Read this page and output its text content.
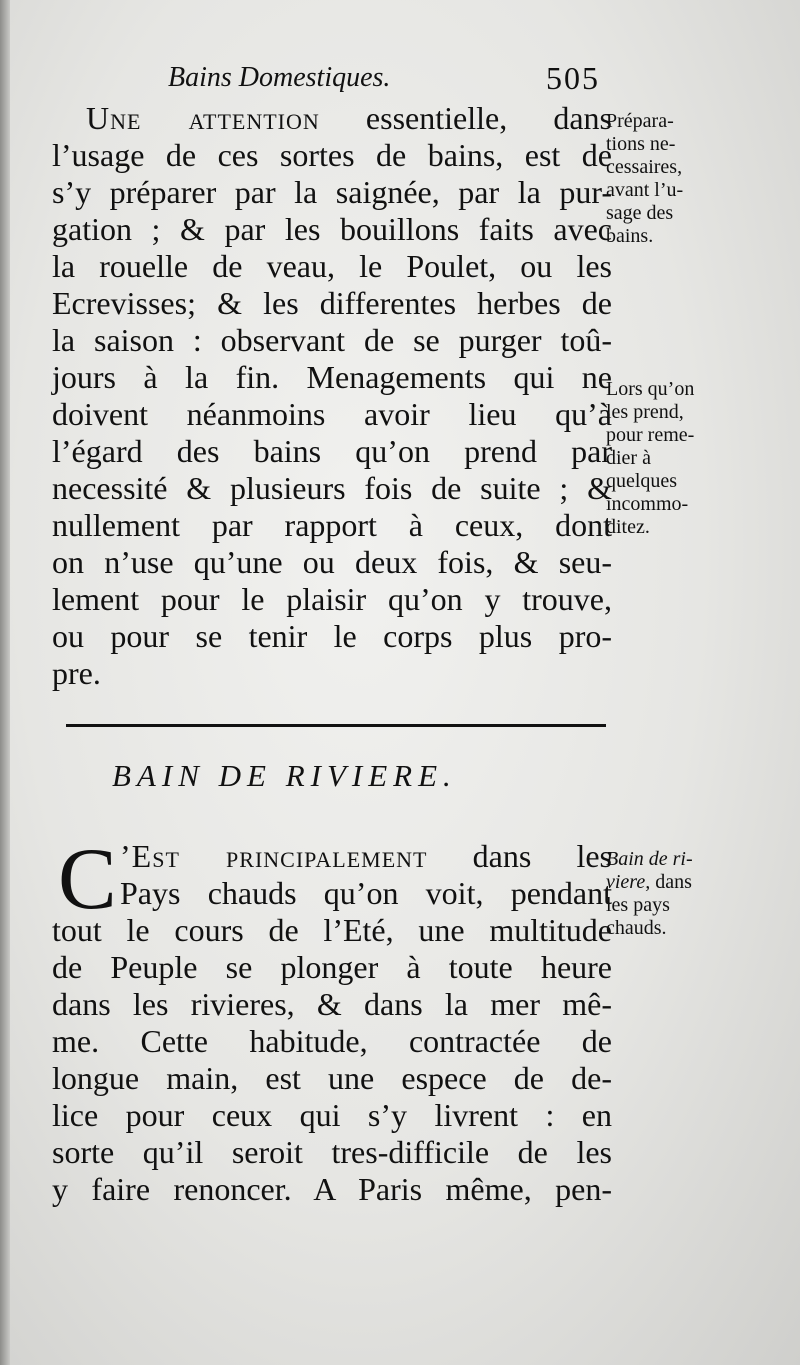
Bains Domestiques.	505
Une attention essentielle, dans
l’usage de ces sortes de bains, est de
s’y préparer par la saignée, par la pur-
gation ; & par les bouillons faits avec
la rouelle de veau, le Poulet, ou les
Ecrevisses; & les differentes herbes de
la saison : observant de se purger toû-
jours à la fin. Menagements qui ne
doivent néanmoins avoir lieu qu’à
l’égard des bains qu’on prend par
necessité & plusieurs fois de suite ; &
nullement par rapport à ceux, dont
on n’use qu’une ou deux fois, & seu-
lement pour le plaisir qu’on y trouve,
ou pour se tenir le corps plus pro-
pre.
Prépara-
tions ne-
cessaires,
avant l’u-
sage des
bains.
Lors qu’on
les prend,
pour reme-
dier à
quelques
incommo-
ditez.
BAIN DE RIVIERE.
C ’Est principalement dans les
Pays chauds qu’on voit, pendant
tout le cours de l’Eté, une multitude
de Peuple se plonger à toute heure
dans les rivieres, & dans la mer mê-
me. Cette habitude, contractée de
longue main, est une espece de de-
lice pour ceux qui s’y livrent : en
sorte qu’il seroit tres-difficile de les
y faire renoncer. A Paris même, pen-
Bain de ri-
viere, dans
les pays
chauds.
